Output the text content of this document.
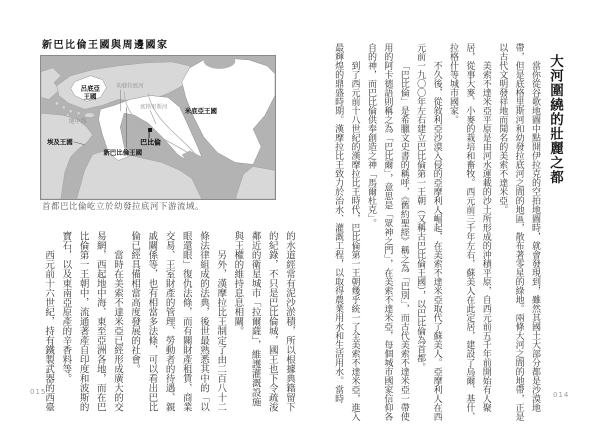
大河圍繞的壯麗之都

當你從谷歌地圖中點開伊拉克的空拍地圖時，就會發現到，雖然其國土大部分都是沙漠地帶，但是底格里斯河和幼發拉底河之間的地區，散布著零星的綠地。兩條大河之間的地帶，正是以古代文明發祥地而聞名的美索不達米亞。

美索不達米亞平原是由河水運載的沙土所形成的沖積平原，自西元前五千年前開始有人聚居，從事大麥、小麥的栽培和畜牧。西元前三千年左右，蘇美人在此定居，建設了烏爾、基什、拉格什等城市國家。

不久後，從敘利亞沙漠入侵的亞摩利人崛起，在美索不達米亞取代了蘇美人。亞摩利人在西元前一九〇〇年左右建立巴比倫第一王朝（又稱古巴比倫王國），以巴比倫為首都。

「巴比倫」是希臘文史書的稱呼，《舊約聖經》稱之為「巴別」，而古代美索不達米亞一帶使用的阿卡德語則稱之為「巴比爾」，意思是「眾神之門」，在美索不達米亞，每個城市國家信仰各自的神，而巴比倫供奉創造之神「馬爾杜克」。

到了西元前十八世紀的漢摩拉比王時代，巴比倫第一王朝幾乎統一了全美索不達米亞，進入最輝煌的鼎盛時期。漢摩拉比王致力於治水、灌溉工程，以取得農業用水和生活用水。當時	014
新巴比倫王國與周邊國家
呂底亞
王國
地中海
埃及王國
新巴比倫王國
巴比倫
米底亞王國
幼發拉底河
底格里斯河
首都巴比倫屹立於幼發拉底河下游流域。

的水道經常有泥沙淤積，所以根據典籍留下的紀錄，不只是巴比倫城，國王也下令疏浚鄰近的衛星城市「拉爾薩」，維護灌溉設施與王權的維持息息相關。

另外，漢摩拉比王制定了由二百八十二條法律組成的法典，後世最熟悉其中的「以眼還眼」復仇法條，而有關財產租賃、商業交易、王室財產的管理、勞動者的待遇、親戚關係等，也有相當多法條，可以看出巴比倫已經具備相當高度發展的社會。

當時在美索不達米亞已經形成廣大的交易網，西起地中海、東至亞洲各地，而在巴比倫第一王朝中，流通著產自印度和波斯的寶石，以及東南亞原產的辛香料等。

西元前十六世紀，持有鐵製武器的西臺

015
